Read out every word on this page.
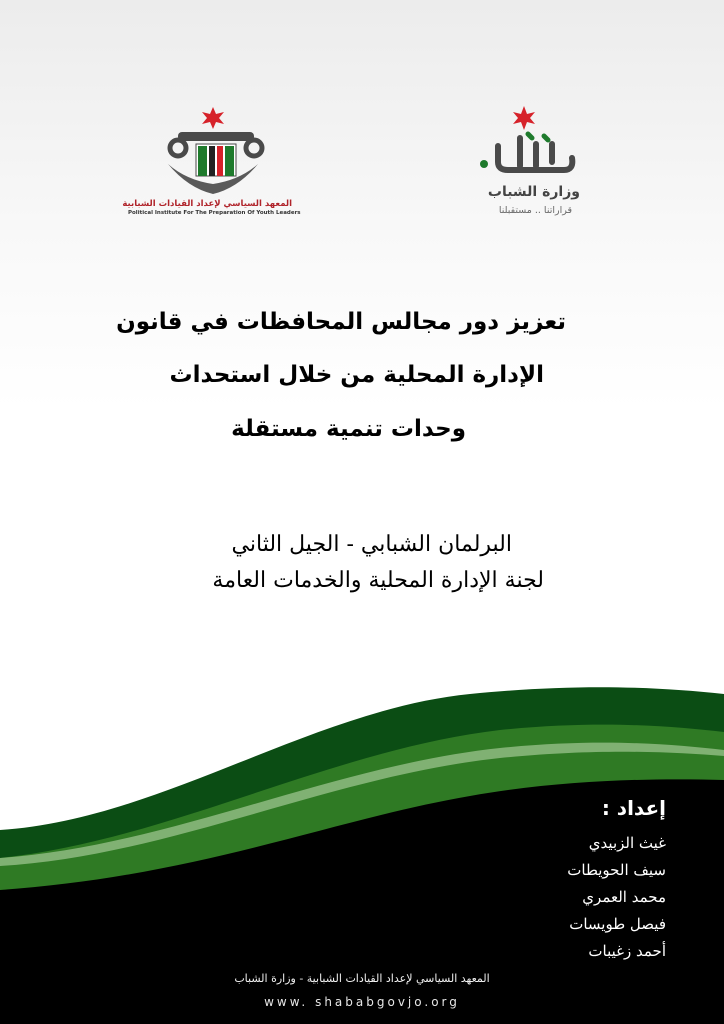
المعهد السياسي لإعداد القيادات الشبابية
Political Institute For The Preparation Of Youth Leaders
وزارة الشباب
قراراتنا .. مستقبلنا
تعزيز دور مجالس المحافظات في قانون
الإدارة المحلية من خلال استحداث
وحدات تنمية مستقلة
البرلمان الشبابي - الجيل الثاني
لجنة الإدارة المحلية والخدمات العامة
إعداد :
غيث الزبيدي
سيف الحويطات
محمد العمري
فيصل طويسات
أحمد زغيبات
المعهد السياسي لإعداد القيادات الشبابية - وزارة الشباب
www. shababgovjo.org
